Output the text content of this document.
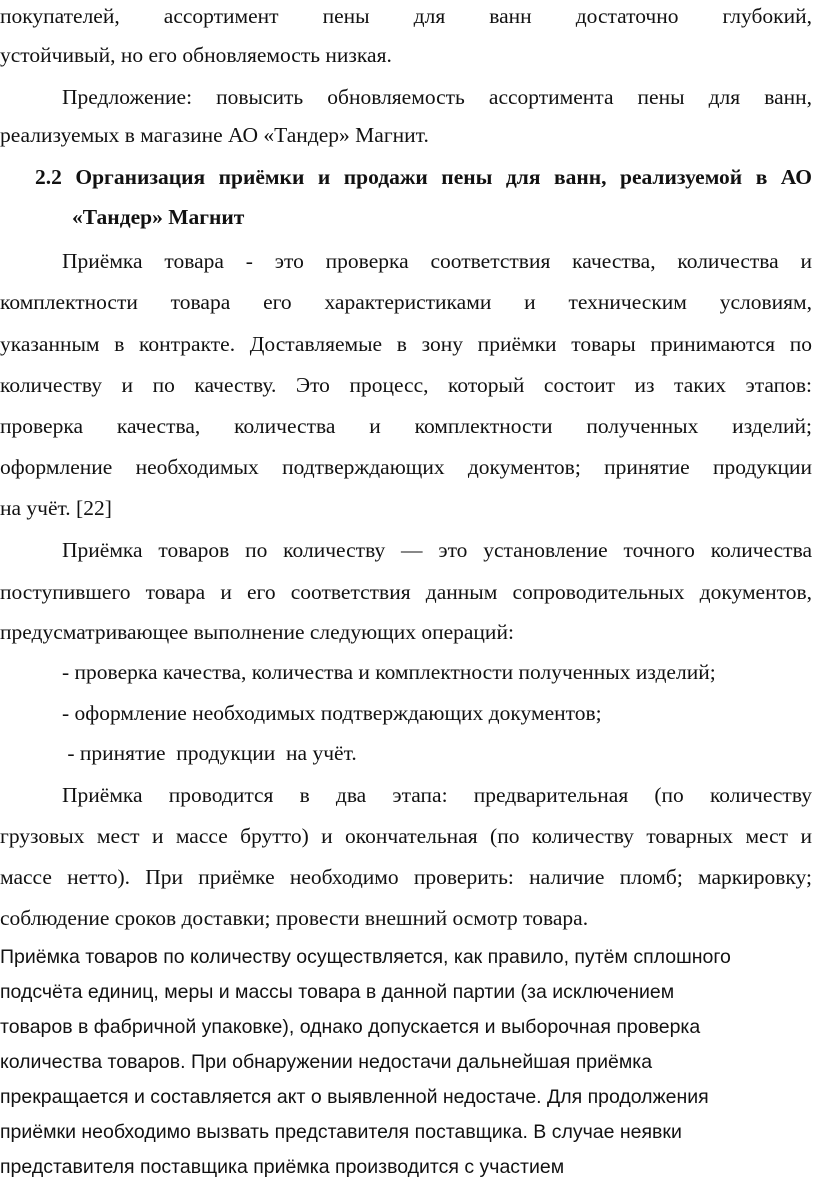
покупателей, ассортимент пены для ванн достаточно глубокий,
устойчивый, но его обновляемость низкая.
Предложение: повысить обновляемость ассортимента пены для ванн,
реализуемых в магазине АО «Тандер» Магнит.
2.2 Организация приёмки и продажи пены для ванн, реализуемой в АО
«Тандер» Магнит
Приёмка товара - это проверка соответствия качества, количества и
комплектности товара его характеристиками и техническим условиям,
указанным в контракте. Доставляемые в зону приёмки товары принимаются по
количеству и по качеству. Это процесс, который состоит из таких этапов:
проверка качества, количества и комплектности полученных изделий;
оформление необходимых подтверждающих документов; принятие продукции
на учёт. [22]
Приёмка товаров по количеству — это установление точного количества
поступившего товара и его соответствия данным сопроводительных документов,
предусматривающее выполнение следующих операций:
- проверка качества, количества и комплектности полученных изделий;
- оформление необходимых подтверждающих документов;
- принятие  продукции  на учёт.
Приёмка проводится в два этапа: предварительная (по количеству
грузовых мест и массе брутто) и окончательная (по количеству товарных мест и
массе нетто). При приёмке необходимо проверить: наличие пломб; маркировку;
соблюдение сроков доставки; провести внешний осмотр товара.
Приёмка товаров по количеству осуществляется, как правило, путём сплошного
подсчёта единиц, меры и массы товара в данной партии (за исключением
товаров в фабричной упаковке), однако допускается и выборочная проверка
количества товаров. При обнаружении недостачи дальнейшая приёмка
прекращается и составляется акт о выявленной недостаче. Для продолжения
приёмки необходимо вызвать представителя поставщика. В случае неявки
представителя поставщика приёмка производится с участием
